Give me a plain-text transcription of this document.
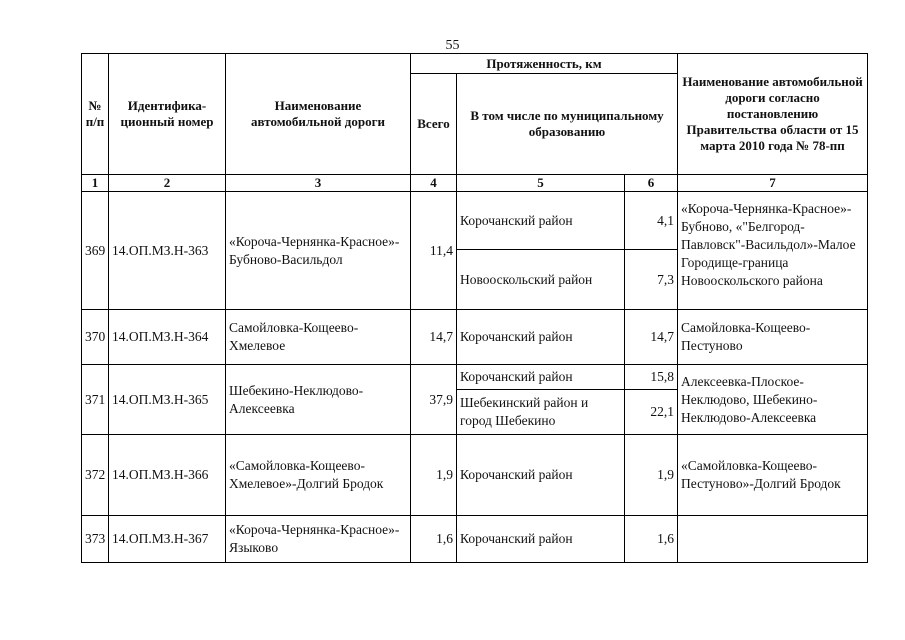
55
№ п/п	Идентифика-ционный номер	Наименование автомобильной дороги	Протяженность, км			Наименование автомобильной дороги согласно постановлению Правительства области от 15 марта 2010 года № 78-пп
			Всего	В том числе по муниципальному образованию		
1	2	3	4	5	6	7
369	14.ОП.МЗ.Н-363	«Короча-Чернянка-Красное»-Бубново-Васильдол	11,4	Корочанский район	4,1	«Короча-Чернянка-Красное»-Бубново, «"Белгород-Павловск"-Васильдол»-Малое Городище-граница Новооскольского района
				Новооскольский район	7,3	
370	14.ОП.МЗ.Н-364	Самойловка-Кощеево-Хмелевое	14,7	Корочанский район	14,7	Самойловка-Кощеево-Пестуново
371	14.ОП.МЗ.Н-365	Шебекино-Неклюдово-Алексеевка	37,9	Корочанский район	15,8	Алексеевка-Плоское-Неклюдово, Шебекино-Неклюдово-Алексеевка
				Шебекинский район и город Шебекино	22,1	
372	14.ОП.МЗ.Н-366	«Самойловка-Кощеево-Хмелевое»-Долгий Бродок	1,9	Корочанский район	1,9	«Самойловка-Кощеево-Пестуново»-Долгий Бродок
373	14.ОП.МЗ.Н-367	«Короча-Чернянка-Красное»-Языково	1,6	Корочанский район	1,6	
